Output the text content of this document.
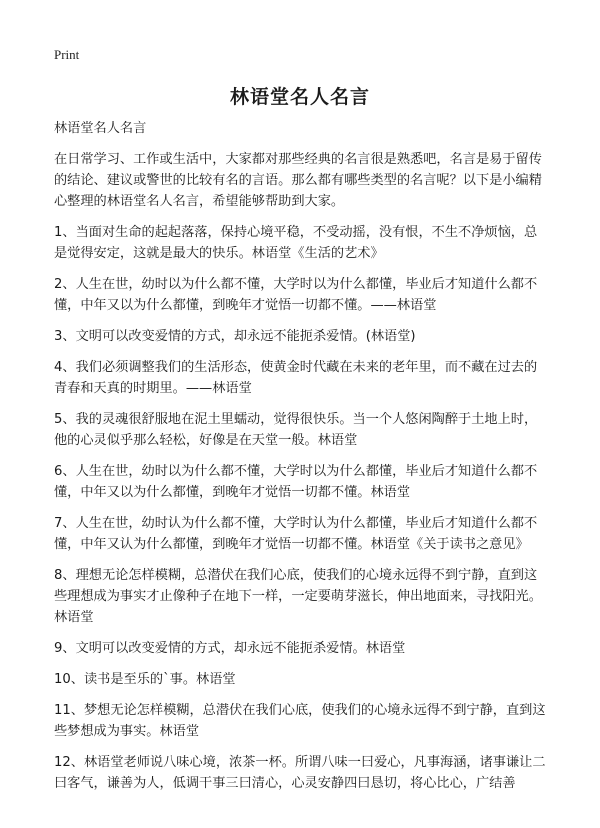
Print
林语堂名人名言

林语堂名人名言

在日常学习、工作或生活中，大家都对那些经典的名言很是熟悉吧，名言是易于留传的结论、建议或警世的比较有名的言语。那么都有哪些类型的名言呢？以下是小编精心整理的林语堂名人名言，希望能够帮助到大家。

1、当面对生命的起起落落，保持心境平稳，不受动摇，没有恨，不生不净烦恼，总是觉得安定，这就是最大的快乐。林语堂《生活的艺术》

2、人生在世，幼时以为什么都不懂，大学时以为什么都懂，毕业后才知道什么都不懂，中年又以为什么都懂，到晚年才觉悟一切都不懂。——林语堂

3、文明可以改变爱情的方式，却永远不能扼杀爱情。(林语堂)

4、我们必须调整我们的生活形态，使黄金时代藏在未来的老年里，而不藏在过去的青春和天真的时期里。——林语堂

5、我的灵魂很舒服地在泥土里蠕动，觉得很快乐。当一个人悠闲陶醉于土地上时，他的心灵似乎那么轻松，好像是在天堂一般。林语堂

6、人生在世，幼时以为什么都不懂，大学时以为什么都懂，毕业后才知道什么都不懂，中年又以为什么都懂，到晚年才觉悟一切都不懂。林语堂

7、人生在世，幼时认为什么都不懂，大学时认为什么都懂，毕业后才知道什么都不懂，中年又认为什么都懂，到晚年才觉悟一切都不懂。林语堂《关于读书之意见》

8、理想无论怎样模糊，总潜伏在我们心底，使我们的心境永远得不到宁静，直到这些理想成为事实才止像种子在地下一样，一定要萌芽滋长，伸出地面来，寻找阳光。林语堂

9、文明可以改变爱情的方式，却永远不能扼杀爱情。林语堂

10、读书是至乐的`事。林语堂

11、梦想无论怎样模糊，总潜伏在我们心底，使我们的心境永远得不到宁静，直到这些梦想成为事实。林语堂

12、林语堂老师说八味心境，浓茶一杯。所谓八味一曰爱心，凡事海涵，诸事谦让二曰客气，谦善为人，低调干事三曰清心，心灵安静四曰恳切，将心比心，广结善
